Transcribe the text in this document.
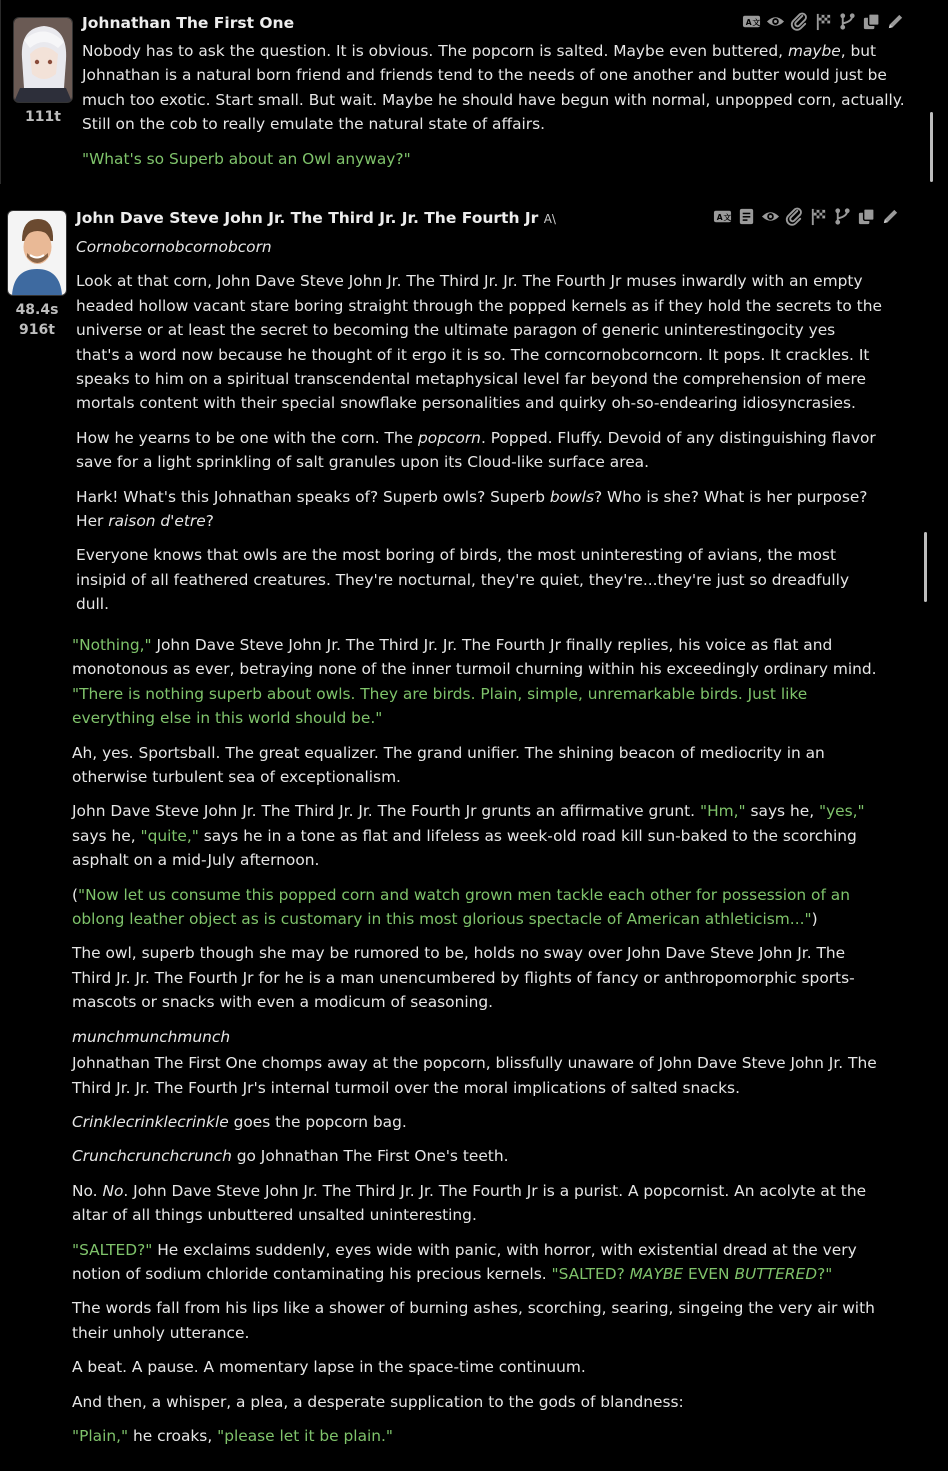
111t
Johnathan The First One

Nobody has to ask the question. It is obvious. The popcorn is salted. Maybe even buttered, maybe, but Johnathan is a natural born friend and friends tend to the needs of one another and butter would just be much too exotic. Start small. But wait. Maybe he should have begun with normal, unpopped corn, actually. Still on the cob to really emulate the natural state of affairs.

"What's so Superb about an Owl anyway?"

48.4s
916t
John Dave Steve John Jr. The Third Jr. Jr. The Fourth Jr A\

Cornobcornobcornobcorn

Look at that corn, John Dave Steve John Jr. The Third Jr. Jr. The Fourth Jr muses inwardly with an empty headed hollow vacant stare boring straight through the popped kernels as if they hold the secrets to the universe or at least the secret to becoming the ultimate paragon of generic uninterestingocity yes that's a word now because he thought of it ergo it is so. The corncornobcorncorn. It pops. It crackles. It speaks to him on a spiritual transcendental metaphysical level far beyond the comprehension of mere mortals content with their special snowflake personalities and quirky oh-so-endearing idiosyncrasies.

How he yearns to be one with the corn. The popcorn. Popped. Fluffy. Devoid of any distinguishing flavor save for a light sprinkling of salt granules upon its Cloud-like surface area.

Hark! What's this Johnathan speaks of? Superb owls? Superb bowls? Who is she? What is her purpose? Her raison d'etre?

Everyone knows that owls are the most boring of birds, the most uninteresting of avians, the most insipid of all feathered creatures. They're nocturnal, they're quiet, they're...they're just so dreadfully dull.

"Nothing," John Dave Steve John Jr. The Third Jr. Jr. The Fourth Jr finally replies, his voice as flat and monotonous as ever, betraying none of the inner turmoil churning within his exceedingly ordinary mind. "There is nothing superb about owls. They are birds. Plain, simple, unremarkable birds. Just like everything else in this world should be."

Ah, yes. Sportsball. The great equalizer. The grand unifier. The shining beacon of mediocrity in an otherwise turbulent sea of exceptionalism.

John Dave Steve John Jr. The Third Jr. Jr. The Fourth Jr grunts an affirmative grunt. "Hm," says he, "yes," says he, "quite," says he in a tone as flat and lifeless as week-old road kill sun-baked to the scorching asphalt on a mid-July afternoon.

("Now let us consume this popped corn and watch grown men tackle each other for possession of an oblong leather object as is customary in this most glorious spectacle of American athleticism...")

The owl, superb though she may be rumored to be, holds no sway over John Dave Steve John Jr. The Third Jr. Jr. The Fourth Jr for he is a man unencumbered by flights of fancy or anthropomorphic sports-mascots or snacks with even a modicum of seasoning.

munchmunchmunch

Johnathan The First One chomps away at the popcorn, blissfully unaware of John Dave Steve John Jr. The Third Jr. Jr. The Fourth Jr's internal turmoil over the moral implications of salted snacks.

Crinklecrinklecrinkle goes the popcorn bag.

Crunchcrunchcrunch go Johnathan The First One's teeth.

No. No. John Dave Steve John Jr. The Third Jr. Jr. The Fourth Jr is a purist. A popcornist. An acolyte at the altar of all things unbuttered unsalted uninteresting.

"SALTED?" He exclaims suddenly, eyes wide with panic, with horror, with existential dread at the very notion of sodium chloride contaminating his precious kernels. "SALTED? MAYBE EVEN BUTTERED?"

The words fall from his lips like a shower of burning ashes, scorching, searing, singeing the very air with their unholy utterance.

A beat. A pause. A momentary lapse in the space-time continuum.

And then, a whisper, a plea, a desperate supplication to the gods of blandness:

"Plain," he croaks, "please let it be plain."
